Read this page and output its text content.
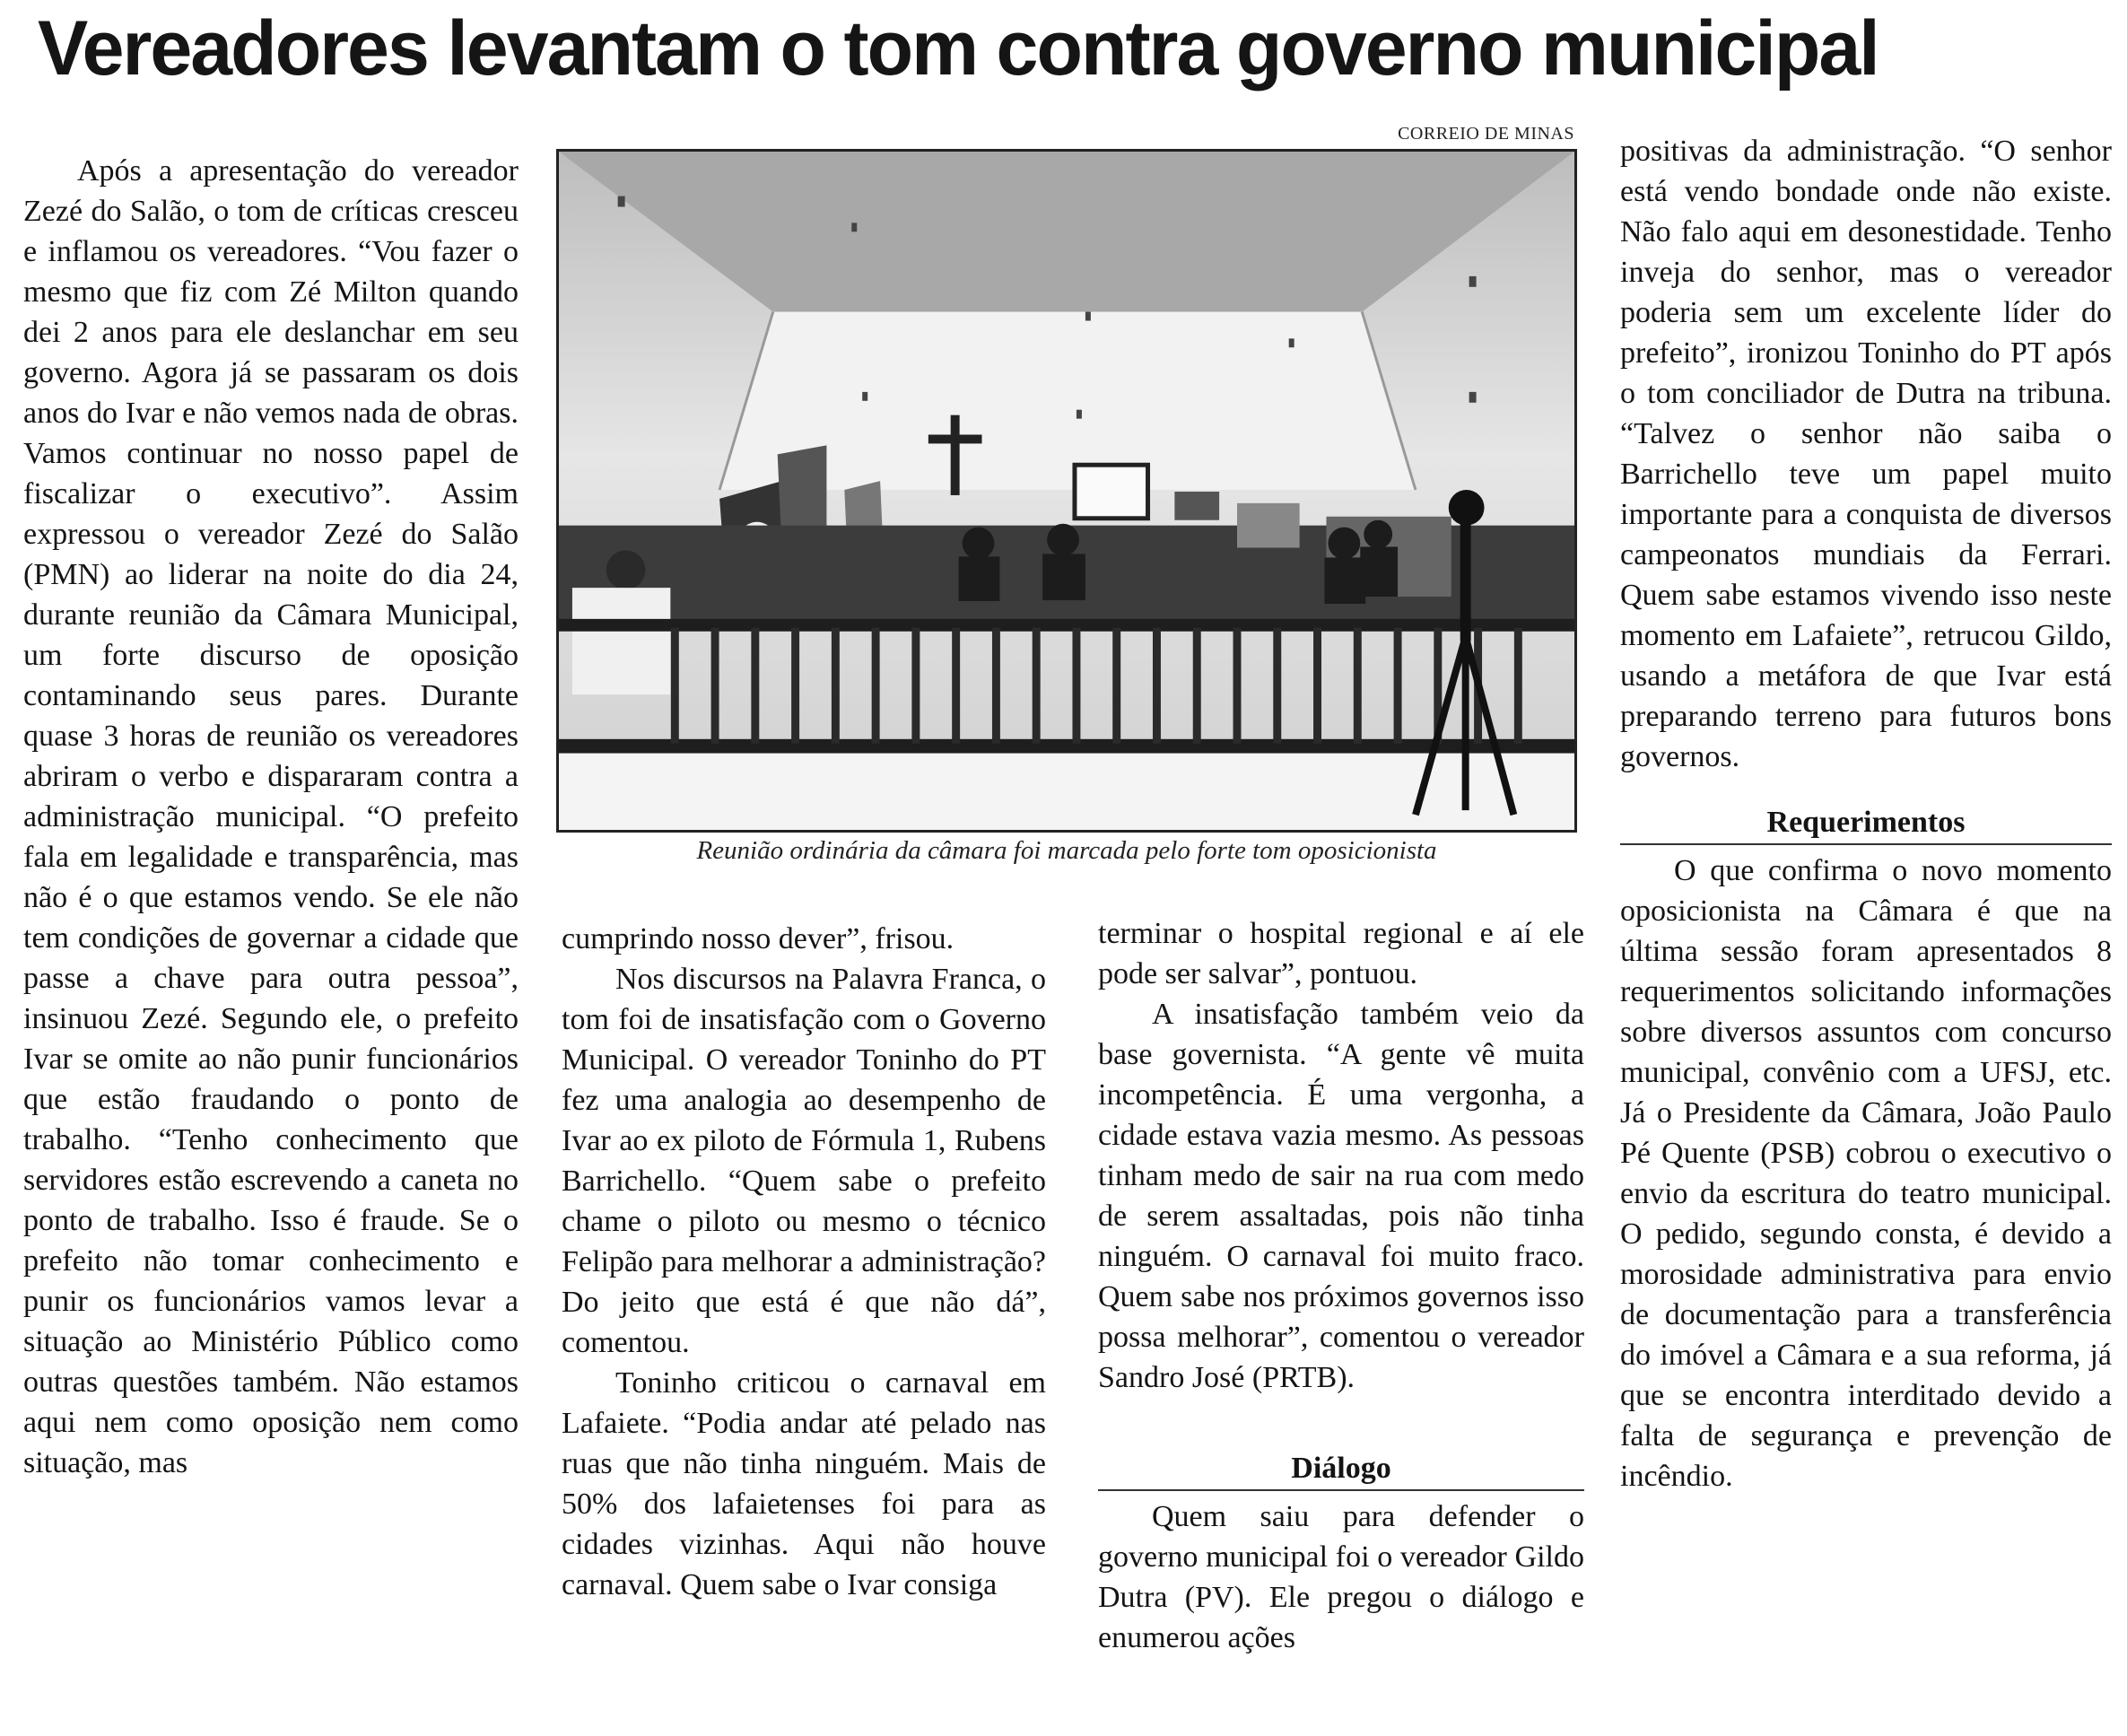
Vereadores levantam o tom contra governo municipal
CORREIO DE MINAS
Reunião ordinária da câmara foi marcada pelo forte tom oposicionista

Após a apresentação do vereador Zezé do Salão, o tom de críticas cresceu e inflamou os vereadores. “Vou fazer o mesmo que fiz com Zé Milton quando dei 2 anos para ele deslanchar em seu governo. Agora já se passaram os dois anos do Ivar e não vemos nada de obras. Vamos continuar no nosso papel de fiscalizar o executivo”. Assim expressou o vereador Zezé do Salão (PMN) ao liderar na noite do dia 24, durante reunião da Câmara Municipal, um forte discurso de oposição contaminando seus pares. Durante quase 3 horas de reunião os vereadores abriram o verbo e dispararam contra a administração municipal. “O prefeito fala em legalidade e transparência, mas não é o que estamos vendo. Se ele não tem condições de governar a cidade que passe a chave para outra pessoa”, insinuou Zezé. Segundo ele, o prefeito Ivar se omite ao não punir funcionários que estão fraudando o ponto de trabalho. “Tenho conhecimento que servidores estão escrevendo a caneta no ponto de trabalho. Isso é fraude. Se o prefeito não tomar conhecimento e punir os funcionários vamos levar a situação ao Ministério Público como outras questões também. Não estamos aqui nem como oposição nem como situação, mas

cumprindo nosso dever”, frisou.

Nos discursos na Palavra Franca, o tom foi de insatisfação com o Governo Municipal. O vereador Toninho do PT fez uma analogia ao desempenho de Ivar ao ex piloto de Fórmula 1, Rubens Barrichello. “Quem sabe o prefeito chame o piloto ou mesmo o técnico Felipão para melhorar a administração? Do jeito que está é que não dá”, comentou.

Toninho criticou o carnaval em Lafaiete. “Podia andar até pelado nas ruas que não tinha ninguém. Mais de 50% dos lafaietenses foi para as cidades vizinhas. Aqui não houve carnaval. Quem sabe o Ivar consiga

terminar o hospital regional e aí ele pode ser salvar”, pontuou.

A insatisfação também veio da base governista. “A gente vê muita incompetência. É uma vergonha, a cidade estava vazia mesmo. As pessoas tinham medo de sair na rua com medo de serem assaltadas, pois não tinha ninguém. O carnaval foi muito fraco. Quem sabe nos próximos governos isso possa melhorar”, comentou o vereador Sandro José (PRTB).

Diálogo

Quem saiu para defender o governo municipal foi o vereador Gildo Dutra (PV). Ele pregou o diálogo e enumerou ações

positivas da administração. “O senhor está vendo bondade onde não existe. Não falo aqui em desonestidade. Tenho inveja do senhor, mas o vereador poderia sem um excelente líder do prefeito”, ironizou Toninho do PT após o tom conciliador de Dutra na tribuna. “Talvez o senhor não saiba o Barrichello teve um papel muito importante para a conquista de diversos campeonatos mundiais da Ferrari. Quem sabe estamos vivendo isso neste momento em Lafaiete”, retrucou Gildo, usando a metáfora de que Ivar está preparando terreno para futuros bons governos.

Requerimentos

O que confirma o novo momento oposicionista na Câmara é que na última sessão foram apresentados 8 requerimentos solicitando informações sobre diversos assuntos com concurso municipal, convênio com a UFSJ, etc. Já o Presidente da Câmara, João Paulo Pé Quente (PSB) cobrou o executivo o envio da escritura do teatro municipal. O pedido, segundo consta, é devido a morosidade administrativa para envio de documentação para a transferência do imóvel a Câmara e a sua reforma, já que se encontra interditado devido a falta de segurança e prevenção de incêndio.
